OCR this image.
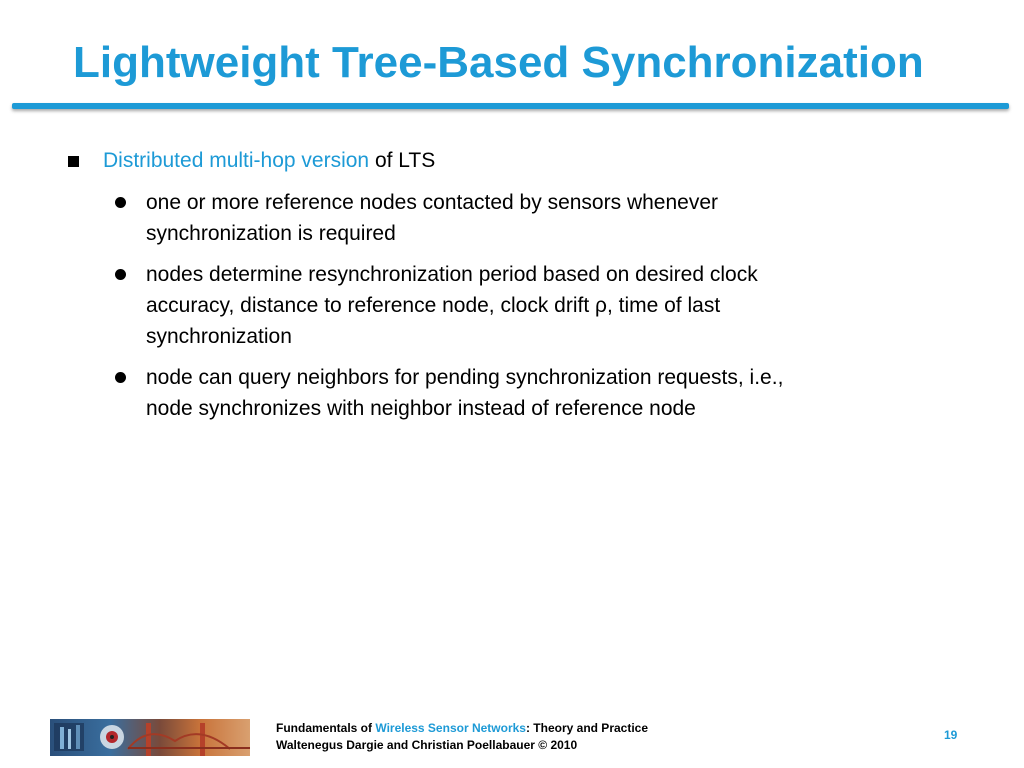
Lightweight Tree-Based Synchronization
Distributed multi-hop version of LTS
one or more reference nodes contacted by sensors whenever
synchronization is required
nodes determine resynchronization period based on desired clock
accuracy, distance to reference node, clock drift ρ, time of last
synchronization
node can query neighbors for pending synchronization requests, i.e.,
node synchronizes with neighbor instead of reference node
Fundamentals of Wireless Sensor Networks: Theory and Practice
Waltenegus Dargie and Christian Poellabauer © 2010
19
